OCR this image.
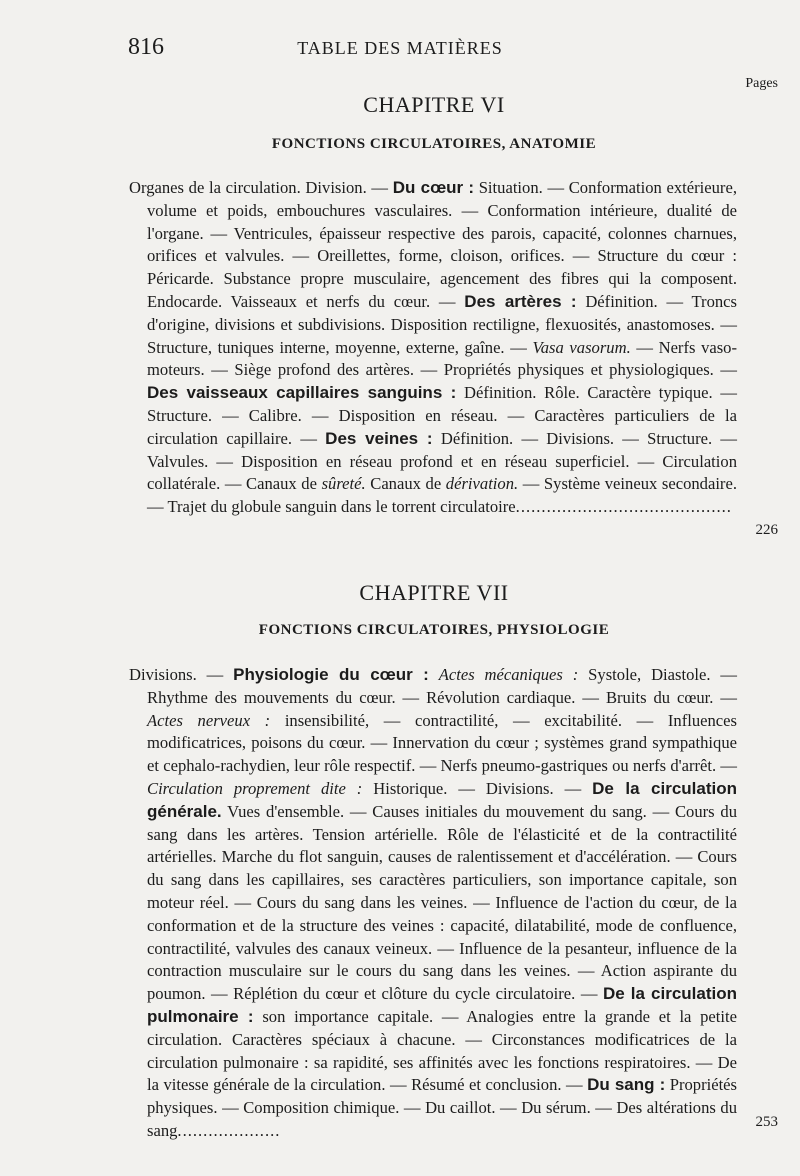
816	TABLE DES MATIÈRES
Pages
CHAPITRE VI
FONCTIONS CIRCULATOIRES, ANATOMIE
Organes de la circulation. Division. — Du cœur : Situation. — Conformation extérieure, volume et poids, embouchures vasculaires. — Conformation intérieure, dualité de l'organe. — Ventricules, épaisseur respective des parois, capacité, colonnes charnues, orifices et valvules. — Oreillettes, forme, cloison, orifices. — Structure du cœur : Péricarde. Substance propre musculaire, agencement des fibres qui la composent. Endocarde. Vaisseaux et nerfs du cœur. — Des artères : Définition. — Troncs d'origine, divisions et subdivisions. Disposition rectiligne, flexuosités, anastomoses. — Structure, tuniques interne, moyenne, externe, gaîne. — Vasa vasorum. — Nerfs vaso-moteurs. — Siège profond des artères. — Propriétés physiques et physiologiques. — Des vaisseaux capillaires sanguins : Définition. Rôle. Caractère typique. — Structure. — Calibre. — Disposition en réseau. — Caractères particuliers de la circulation capillaire. — Des veines : Définition. — Divisions. — Structure. — Valvules. — Disposition en réseau profond et en réseau superficiel. — Circulation collatérale. — Canaux de sûreté. Canaux de dérivation. — Système veineux secondaire. — Trajet du globule sanguin dans le torrent circulatoire..........................................
226
CHAPITRE VII
FONCTIONS CIRCULATOIRES, PHYSIOLOGIE
Divisions. — Physiologie du cœur : Actes mécaniques : Systole, Diastole. — Rhythme des mouvements du cœur. — Révolution cardiaque. — Bruits du cœur. — Actes nerveux : insensibilité, — contractilité, — excitabilité. — Influences modificatrices, poisons du cœur. — Innervation du cœur ; systèmes grand sympathique et cephalo-rachydien, leur rôle respectif. — Nerfs pneumo-gastriques ou nerfs d'arrêt. — Circulation proprement dite : Historique. — Divisions. — De la circulation générale. Vues d'ensemble. — Causes initiales du mouvement du sang. — Cours du sang dans les artères. Tension artérielle. Rôle de l'élasticité et de la contractilité artérielles. Marche du flot sanguin, causes de ralentissement et d'accélération. — Cours du sang dans les capillaires, ses caractères particuliers, son importance capitale, son moteur réel. — Cours du sang dans les veines. — Influence de l'action du cœur, de la conformation et de la structure des veines : capacité, dilatabilité, mode de confluence, contractilité, valvules des canaux veineux. — Influence de la pesanteur, influence de la contraction musculaire sur le cours du sang dans les veines. — Action aspirante du poumon. — Réplétion du cœur et clôture du cycle circulatoire. — De la circulation pulmonaire : son importance capitale. — Analogies entre la grande et la petite circulation. Caractères spéciaux à chacune. — Circonstances modificatrices de la circulation pulmonaire : sa rapidité, ses affinités avec les fonctions respiratoires. — De la vitesse générale de la circulation. — Résumé et conclusion. — Du sang : Propriétés physiques. — Composition chimique. — Du caillot. — Du sérum. — Des altérations du sang....................	253
